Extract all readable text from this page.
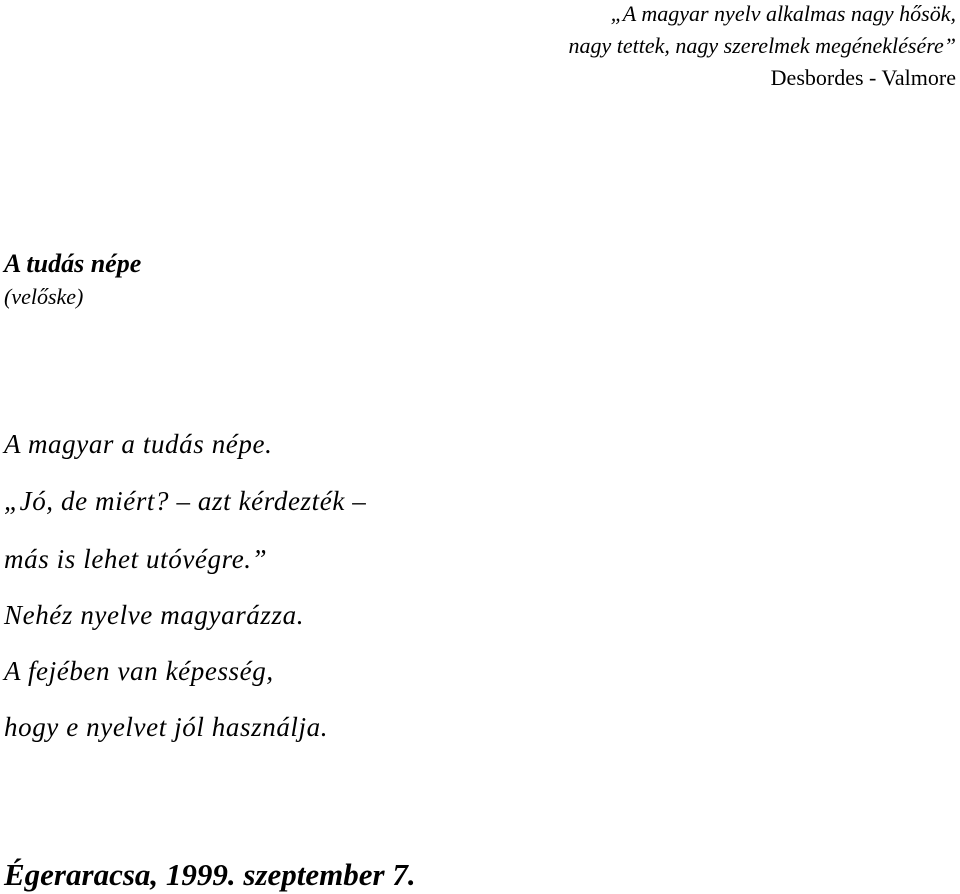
„A magyar nyelv alkalmas nagy hősök,
nagy tettek, nagy szerelmek megéneklésére”
Desbordes - Valmore
A tudás népe
(velőske)
A magyar a tudás népe.
„Jó, de miért? – azt kérdezték –
más is lehet utóvégre.”
Nehéz nyelve magyarázza.
A fejében van képesség,
hogy e nyelvet jól használja.
Égeraracsa, 1999. szeptember 7.
